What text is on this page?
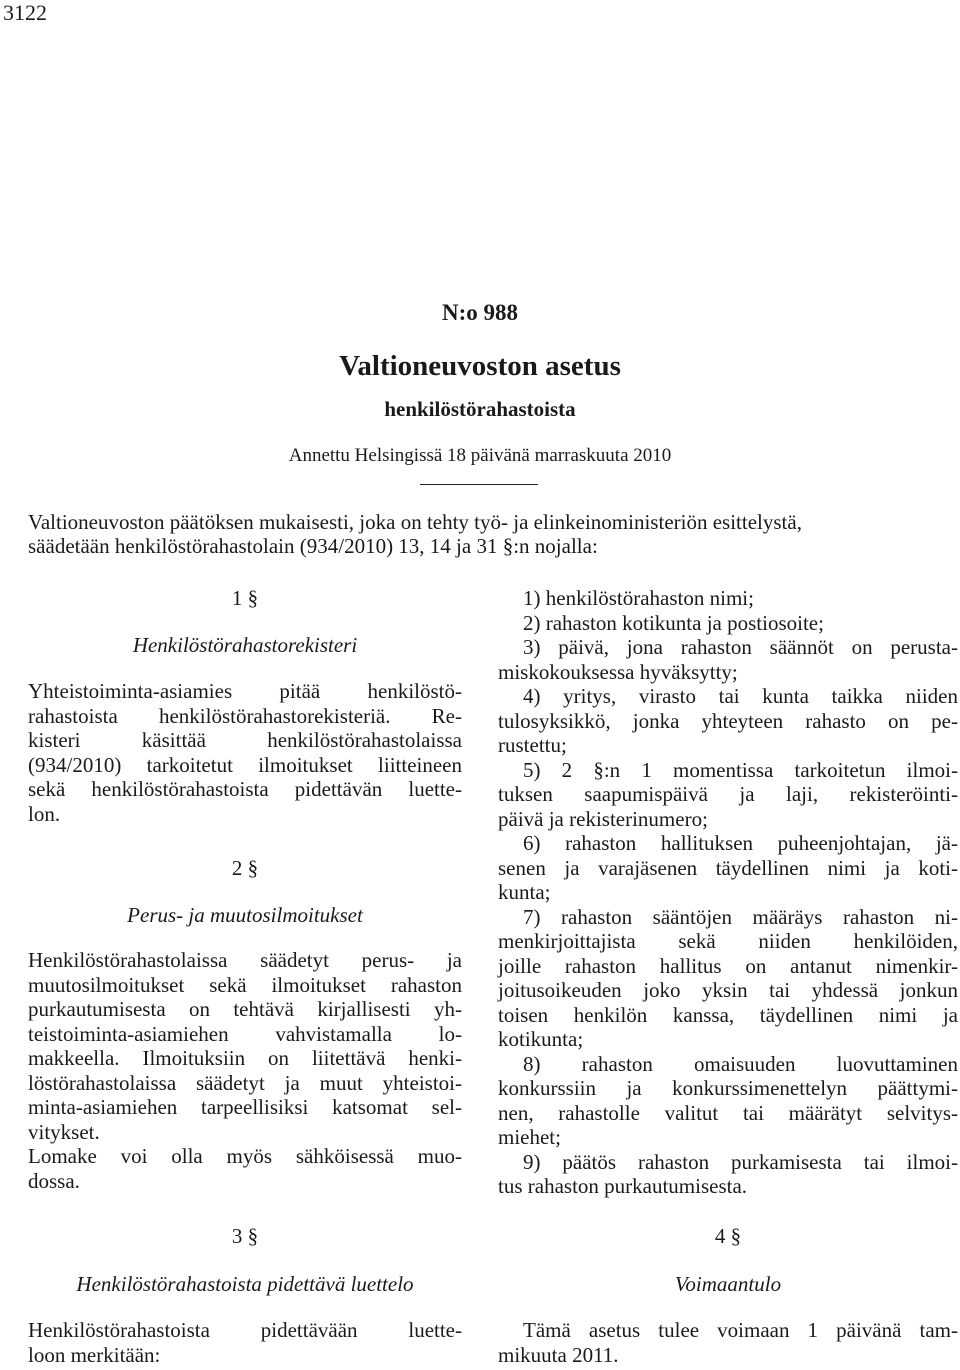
3122
N:o 988
Valtioneuvoston asetus
henkilöstörahastoista
Annettu Helsingissä 18 päivänä marraskuuta 2010
Valtioneuvoston päätöksen mukaisesti, joka on tehty työ- ja elinkeinoministeriön esittelystä,
säädetään henkilöstörahastolain (934/2010) 13, 14 ja 31 §:n nojalla:

1 §

Henkilöstörahastorekisteri

Yhteistoiminta-asiamies pitää henkilöstö-
rahastoista henkilöstörahastorekisteriä. Re-
kisteri käsittää henkilöstörahastolaissa
(934/2010) tarkoitetut ilmoitukset liitteineen
sekä henkilöstörahastoista pidettävän luette-
lon.

2 §

Perus- ja muutosilmoitukset

Henkilöstörahastolaissa säädetyt perus- ja
muutosilmoitukset sekä ilmoitukset rahaston
purkautumisesta on tehtävä kirjallisesti yh-
teistoiminta-asiamiehen vahvistamalla lo-
makkeella. Ilmoituksiin on liitettävä henki-
löstörahastolaissa säädetyt ja muut yhteistoi-
minta-asiamiehen tarpeellisiksi katsomat sel-
vitykset.
Lomake voi olla myös sähköisessä muo-
dossa.

3 §

Henkilöstörahastoista pidettävä luettelo

Henkilöstörahastoista pidettävään luette-
loon merkitään:
1) henkilöstörahaston nimi;
2) rahaston kotikunta ja postiosoite;
3) päivä, jona rahaston säännöt on perusta-
miskokouksessa hyväksytty;
4) yritys, virasto tai kunta taikka niiden
tulosyksikkö, jonka yhteyteen rahasto on pe-
rustettu;
5) 2 §:n 1 momentissa tarkoitetun ilmoi-
tuksen saapumispäivä ja laji, rekisteröinti-
päivä ja rekisterinumero;
6) rahaston hallituksen puheenjohtajan, jä-
senen ja varajäsenen täydellinen nimi ja koti-
kunta;
7) rahaston sääntöjen määräys rahaston ni-
menkirjoittajista sekä niiden henkilöiden,
joille rahaston hallitus on antanut nimenkir-
joitusoikeuden joko yksin tai yhdessä jonkun
toisen henkilön kanssa, täydellinen nimi ja
kotikunta;
8) rahaston omaisuuden luovuttaminen
konkurssiin ja konkurssimenettelyn päättymi-
nen, rahastolle valitut tai määrätyt selvitys-
miehet;
9) päätös rahaston purkamisesta tai ilmoi-
tus rahaston purkautumisesta.

4 §

Voimaantulo

Tämä asetus tulee voimaan 1 päivänä tam-
mikuuta 2011.
